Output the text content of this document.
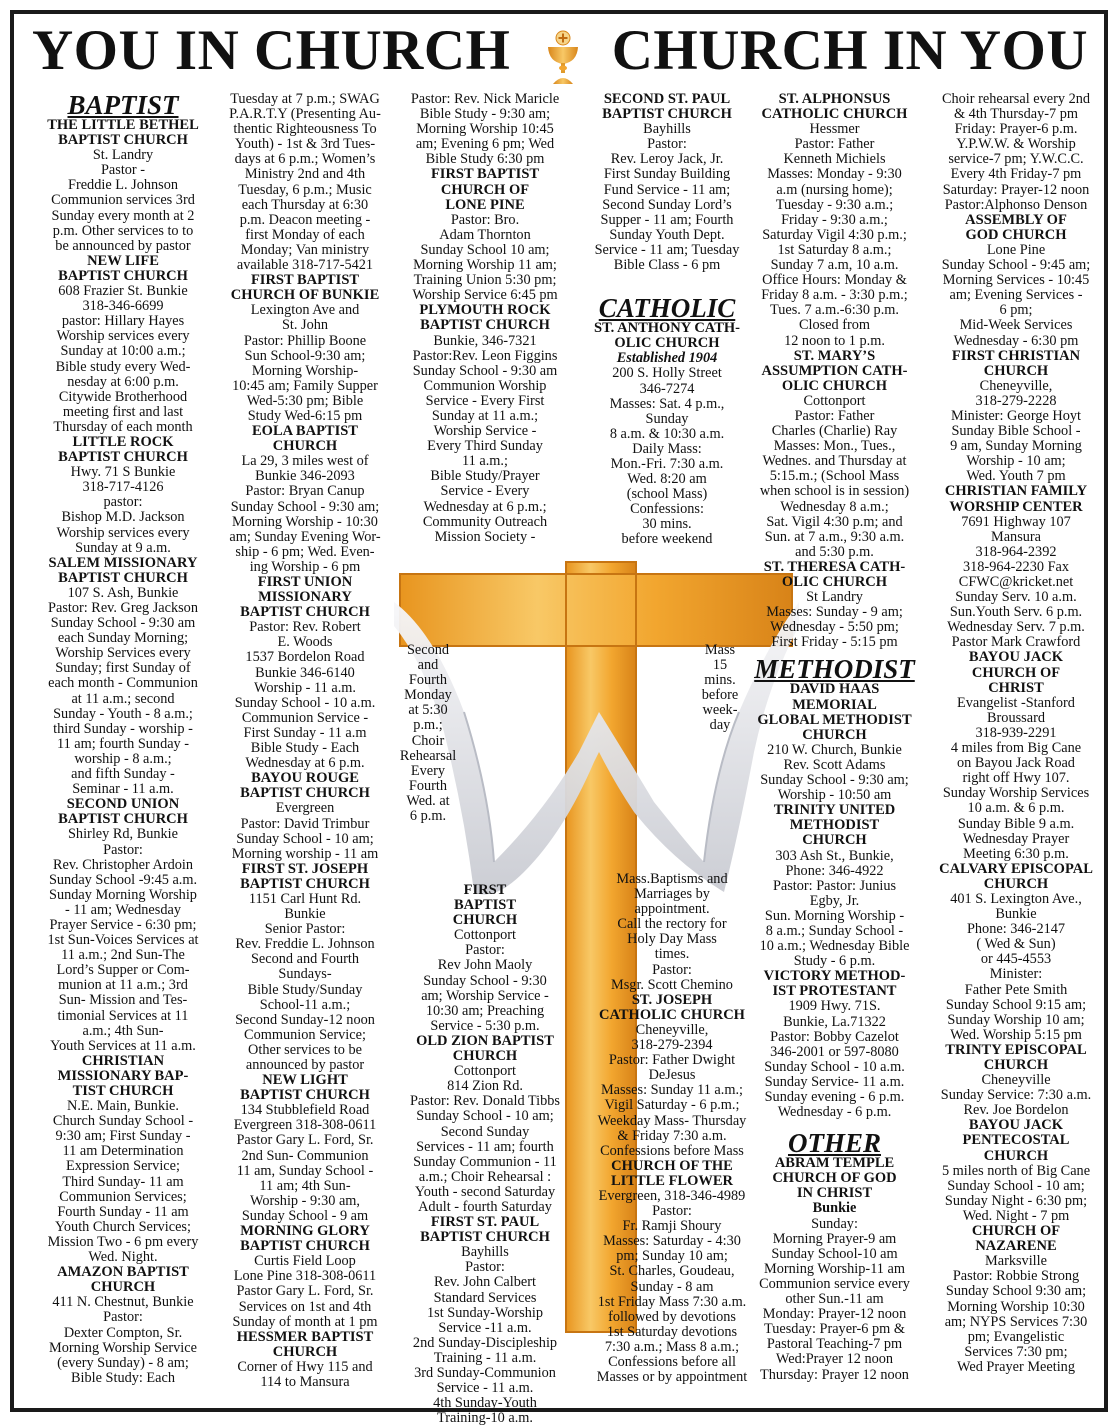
YOU IN CHURCH CHURCH IN YOU
BAPTIST
THE LITTLE BETHEL
BAPTIST CHURCH
St. Landry
Pastor -
Freddie L. Johnson
Communion services 3rd
Sunday every month at 2
p.m. Other services to to
be announced by pastor
NEW LIFE
BAPTIST CHURCH
608 Frazier St. Bunkie
318-346-6699
pastor: Hillary Hayes
Worship services every
Sunday at 10:00 a.m.;
Bible study every Wed-
nesday at 6:00 p.m.
Citywide Brotherhood
meeting first and last
Thursday of each month
LITTLE ROCK
BAPTIST CHURCH
Hwy. 71 S Bunkie
318-717-4126
pastor:
Bishop M.D. Jackson
Worship services every
Sunday at 9 a.m.
SALEM MISSIONARY
BAPTIST CHURCH
107 S. Ash, Bunkie
Pastor: Rev. Greg Jackson
Sunday School - 9:30 am
each Sunday Morning;
Worship Services every
Sunday; first Sunday of
each month - Communion
at 11 a.m.; second
Sunday - Youth - 8 a.m.;
third Sunday - worship -
11 am; fourth Sunday -
worship - 8 a.m.;
and fifth Sunday -
Seminar - 11 a.m.
SECOND UNION
BAPTIST CHURCH
Shirley Rd, Bunkie
Pastor:
Rev. Christopher Ardoin
Sunday School -9:45 a.m.
Sunday Morning Worship
- 11 am; Wednesday
Prayer Service - 6:30 pm;
1st Sun-Voices Services at
11 a.m.; 2nd Sun-The
Lord’s Supper or Com-
munion at 11 a.m.; 3rd
Sun- Mission and Tes-
timonial Services at 11
a.m.; 4th Sun-
Youth Services at 11 a.m.
CHRISTIAN
MISSIONARY BAP-
TIST CHURCH
N.E. Main, Bunkie.
Church Sunday School -
9:30 am; First Sunday -
11 am Determination
Expression Service;
Third Sunday- 11 am
Communion Services;
Fourth Sunday - 11 am
Youth Church Services;
Mission Two - 6 pm every
Wed. Night.
AMAZON BAPTIST
CHURCH
411 N. Chestnut, Bunkie
Pastor:
Dexter Compton, Sr.
Morning Worship Service
(every Sunday) - 8 am;
Bible Study: Each
Tuesday at 7 p.m.; SWAG
P.A.R.T.Y (Presenting Au-
thentic Righteousness To
Youth) - 1st & 3rd Tues-
days at 6 p.m.; Women’s
Ministry 2nd and 4th
Tuesday, 6 p.m.; Music
each Thursday at 6:30
p.m. Deacon meeting -
first Monday of each
Monday; Van ministry
available 318-717-5421
FIRST BAPTIST
CHURCH OF BUNKIE
Lexington Ave and
St. John
Pastor: Phillip Boone
Sun School-9:30 am;
Morning Worship-
10:45 am; Family Supper
Wed-5:30 pm; Bible
Study Wed-6:15 pm
EOLA BAPTIST
CHURCH
La 29, 3 miles west of
Bunkie 346-2093
Pastor: Bryan Canup
Sunday School - 9:30 am;
Morning Worship - 10:30
am; Sunday Evening Wor-
ship - 6 pm; Wed. Even-
ing Worship - 6 pm
FIRST UNION
MISSIONARY
BAPTIST CHURCH
Pastor: Rev. Robert
E. Woods
1537 Bordelon Road
Bunkie 346-6140
Worship - 11 a.m.
Sunday School - 10 a.m.
Communion Service -
First Sunday - 11 a.m
Bible Study - Each
Wednesday at 6 p.m.
BAYOU ROUGE
BAPTIST CHURCH
Evergreen
Pastor: David Trimbur
Sunday School - 10 am;
Morning worship - 11 am
FIRST ST. JOSEPH
BAPTIST CHURCH
1151 Carl Hunt Rd.
Bunkie
Senior Pastor:
Rev. Freddie L. Johnson
Second and Fourth
Sundays-
Bible Study/Sunday
School-11 a.m.;
Second Sunday-12 noon
Communion Service;
Other services to be
announced by pastor
NEW LIGHT
BAPTIST CHURCH
134 Stubblefield Road
Evergreen 318-308-0611
Pastor Gary L. Ford, Sr.
2nd Sun- Communion
11 am, Sunday School -
11 am; 4th Sun-
Worship - 9:30 am,
Sunday School - 9 am
MORNING GLORY
BAPTIST CHURCH
Curtis Field Loop
Lone Pine 318-308-0611
Pastor Gary L. Ford, Sr.
Services on 1st and 4th
Sunday of month at 1 pm
HESSMER BAPTIST
CHURCH
Corner of Hwy 115 and
114 to Mansura
Pastor: Rev. Nick Maricle
Bible Study - 9:30 am;
Morning Worship 10:45
am; Evening 6 pm; Wed
Bible Study 6:30 pm
FIRST BAPTIST
CHURCH OF
LONE PINE
Pastor: Bro.
Adam Thornton
Sunday School 10 am;
Morning Worship 11 am;
Training Union 5:30 pm;
Worship Service 6:45 pm
PLYMOUTH ROCK
BAPTIST CHURCH
Bunkie, 346-7321
Pastor:Rev. Leon Figgins
Sunday School - 9:30 am
Communion Worship
Service - Every First
Sunday at 11 a.m.;
Worship Service -
Every Third Sunday
11 a.m.;
Bible Study/Prayer
Service - Every
Wednesday at 6 p.m.;
Community Outreach
Mission Society -
Second
and
Fourth
Monday
at 5:30
p.m.;
Choir
Rehearsal
Every
Fourth
Wed. at
6 p.m.
Mass
15
mins.
before
week-
day
FIRST
BAPTIST
CHURCH
Cottonport
Pastor:
Rev John Maoly
Sunday School - 9:30
am; Worship Service -
10:30 am; Preaching
Service - 5:30 p.m.
OLD ZION BAPTIST
CHURCH
Cottonport
814 Zion Rd.
Pastor: Rev. Donald Tibbs
Sunday School - 10 am;
Second Sunday
Services - 11 am; fourth
Sunday Communion - 11
a.m.; Choir Rehearsal :
Youth - second Saturday
Adult - fourth Saturday
FIRST ST. PAUL
BAPTIST CHURCH
Bayhills
Pastor:
Rev. John Calbert
Standard Services
1st Sunday-Worship
Service -11 a.m.
2nd Sunday-Discipleship
Training - 11 a.m.
3rd Sunday-Communion
Service - 11 a.m.
4th Sunday-Youth
Training-10 a.m.
SECOND ST. PAUL
BAPTIST CHURCH
Bayhills
Pastor:
Rev. Leroy Jack, Jr.
First Sunday Building
Fund Service - 11 am;
Second Sunday Lord’s
Supper - 11 am; Fourth
Sunday Youth Dept.
Service - 11 am; Tuesday
Bible Class - 6 pm
CATHOLIC
ST. ANTHONY CATH-
OLIC CHURCH
Established 1904
200 S. Holly Street
346-7274
Masses: Sat. 4 p.m.,
Sunday
8 a.m. & 10:30 a.m.
Daily Mass:
Mon.-Fri. 7:30 a.m.
Wed. 8:20 am
(school Mass)
Confessions:
30 mins.
before weekend
Mass.Baptisms and
Marriages by
appointment.
Call the rectory for
Holy Day Mass
times.
Pastor:
Msgr. Scott Chemino
ST. JOSEPH
CATHOLIC CHURCH
Cheneyville,
318-279-2394
Pastor: Father Dwight
DeJesus
Masses: Sunday 11 a.m.;
Vigil Saturday - 6 p.m.;
Weekday Mass- Thursday
& Friday 7:30 a.m.
Confessions before Mass
CHURCH OF THE
LITTLE FLOWER
Evergreen, 318-346-4989
Pastor:
Fr. Ramji Shoury
Masses: Saturday - 4:30
pm; Sunday 10 am;
St. Charles, Goudeau,
Sunday - 8 am
1st Friday Mass 7:30 a.m.
followed by devotions
1st Saturday devotions
7:30 a.m.; Mass 8 a.m.;
Confessions before all
Masses or by appointment
ST. ALPHONSUS
CATHOLIC CHURCH
Hessmer
Pastor: Father
Kenneth Michiels
Masses: Monday - 9:30
a.m (nursing home);
Tuesday - 9:30 a.m.;
Friday - 9:30 a.m.;
Saturday Vigil 4:30 p.m.;
1st Saturday 8 a.m.;
Sunday 7 a.m, 10 a.m.
Office Hours: Monday &
Friday 8 a.m. - 3:30 p.m.;
Tues. 7 a.m.-6:30 p.m.
Closed from
12 noon to 1 p.m.
ST. MARY’S
ASSUMPTION CATH-
OLIC CHURCH
Cottonport
Pastor: Father
Charles (Charlie) Ray
Masses: Mon., Tues.,
Wednes. and Thursday at
5:15.m.; (School Mass
when school is in session)
Wednesday 8 a.m.;
Sat. Vigil 4:30 p.m; and
Sun. at 7 a.m., 9:30 a.m.
and 5:30 p.m.
ST. THERESA CATH-
OLIC CHURCH
St Landry
Masses: Sunday - 9 am;
Wednesday - 5:50 pm;
First Friday - 5:15 pm
METHODIST
DAVID HAAS
MEMORIAL
GLOBAL METHODIST
CHURCH
210 W. Church, Bunkie
Rev. Scott Adams
Sunday School - 9:30 am;
Worship - 10:50 am
TRINITY UNITED
METHODIST
CHURCH
303 Ash St., Bunkie,
Phone: 346-4922
Pastor: Pastor: Junius
Egby, Jr.
Sun. Morning Worship -
8 a.m.; Sunday School -
10 a.m.; Wednesday Bible
Study - 6 p.m.
VICTORY METHOD-
IST PROTESTANT
1909 Hwy. 71S.
Bunkie, La.71322
Pastor: Bobby Cazelot
346-2001 or 597-8080
Sunday School - 10 a.m.
Sunday Service- 11 a.m.
Sunday evening - 6 p.m.
Wednesday - 6 p.m.
OTHER
ABRAM TEMPLE
CHURCH OF GOD
IN CHRIST
Bunkie
Sunday:
Morning Prayer-9 am
Sunday School-10 am
Morning Worship-11 am
Communion service every
other Sun.-11 am
Monday: Prayer-12 noon
Tuesday: Prayer-6 pm &
Pastoral Teaching-7 pm
Wed:Prayer 12 noon
Thursday: Prayer 12 noon
Choir rehearsal every 2nd
& 4th Thursday-7 pm
Friday: Prayer-6 p.m.
Y.P.W.W. & Worship
service-7 pm; Y.W.C.C.
Every 4th Friday-7 pm
Saturday: Prayer-12 noon
Pastor:Alphonso Denson
ASSEMBLY OF
GOD CHURCH
Lone Pine
Sunday School - 9:45 am;
Morning Services - 10:45
am; Evening Services -
6 pm;
Mid-Week Services
Wednesday - 6:30 pm
FIRST CHRISTIAN
CHURCH
Cheneyville,
318-279-2228
Minister: George Hoyt
Sunday Bible School -
9 am, Sunday Morning
Worship - 10 am;
Wed. Youth 7 pm
CHRISTIAN FAMILY
WORSHIP CENTER
7691 Highway 107
Mansura
318-964-2392
318-964-2230 Fax
CFWC@kricket.net
Sunday Serv. 10 a.m.
Sun.Youth Serv. 6 p.m.
Wednesday Serv. 7 p.m.
Pastor Mark Crawford
BAYOU JACK
CHURCH OF
CHRIST
Evangelist -Stanford
Broussard
318-939-2291
4 miles from Big Cane
on Bayou Jack Road
right off Hwy 107.
Sunday Worship Services
10 a.m. & 6 p.m.
Sunday Bible 9 a.m.
Wednesday Prayer
Meeting 6:30 p.m.
CALVARY EPISCOPAL
CHURCH
401 S. Lexington Ave.,
Bunkie
Phone: 346-2147
( Wed & Sun)
or 445-4553
Minister:
Father Pete Smith
Sunday School 9:15 am;
Sunday Worship 10 am;
Wed. Worship 5:15 pm
TRINTY EPISCOPAL
CHURCH
Cheneyville
Sunday Service: 7:30 a.m.
Rev. Joe Bordelon
BAYOU JACK
PENTECOSTAL
CHURCH
5 miles north of Big Cane
Sunday School - 10 am;
Sunday Night - 6:30 pm;
Wed. Night - 7 pm
CHURCH OF
NAZARENE
Marksville
Pastor: Robbie Strong
Sunday School 9:30 am;
Morning Worship 10:30
am; NYPS Services 7:30
pm; Evangelistic
Services 7:30 pm;
Wed Prayer Meeting
